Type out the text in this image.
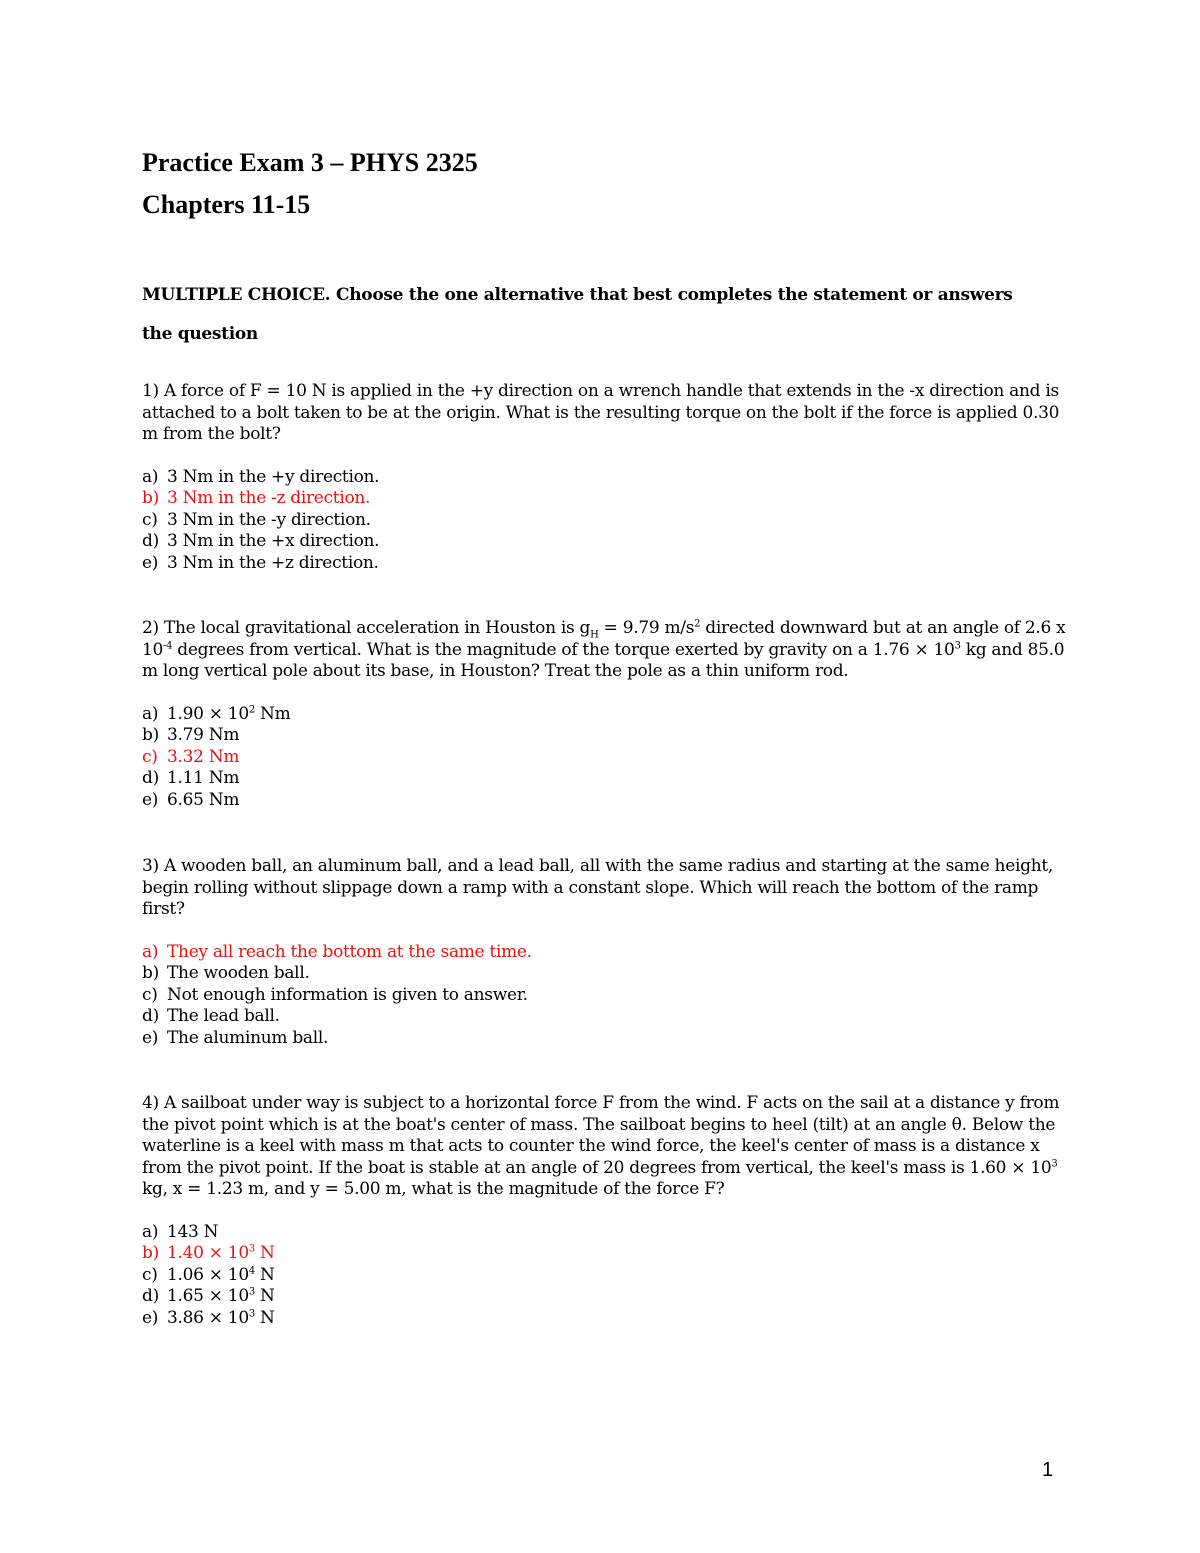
Practice Exam 3 – PHYS 2325
Chapters 11-15

MULTIPLE CHOICE. Choose the one alternative that best completes the statement or answers the question

1) A force of F = 10 N is applied in the +y direction on a wrench handle that extends in the -x direction and is attached to a bolt taken to be at the origin. What is the resulting torque on the bolt if the force is applied 0.30 m from the bolt?

a) 3 Nm in the +y direction.
b) 3 Nm in the -z direction.
c) 3 Nm in the -y direction.
d) 3 Nm in the +x direction.
e) 3 Nm in the +z direction.

2) The local gravitational acceleration in Houston is $g_H = 9.79$ $m/s^2$ directed downward but at an angle of 2.6 x $10^{-4}$ degrees from vertical. What is the magnitude of the torque exerted by gravity on a $1.76 \times 10^3$ kg and 85.0 m long vertical pole about its base, in Houston? Treat the pole as a thin uniform rod.

a) $1.90 \times 10^2$ Nm
b) 3.79 Nm
c) 3.32 Nm
d) 1.11 Nm
e) 6.65 Nm

3) A wooden ball, an aluminum ball, and a lead ball, all with the same radius and starting at the same height, begin rolling without slippage down a ramp with a constant slope. Which will reach the bottom of the ramp first?

a) They all reach the bottom at the same time.
b) The wooden ball.
c) Not enough information is given to answer.
d) The lead ball.
e) The aluminum ball.

4) A sailboat under way is subject to a horizontal force F from the wind. F acts on the sail at a distance y from the pivot point which is at the boat's center of mass. The sailboat begins to heel (tilt) at an angle θ. Below the waterline is a keel with mass m that acts to counter the wind force, the keel's center of mass is a distance x from the pivot point. If the boat is stable at an angle of 20 degrees from vertical, the keel's mass is $1.60 \times 10^3$ kg, x = 1.23 m, and y = 5.00 m, what is the magnitude of the force F?

a) 143 N
b) $1.40 \times 10^3$ N
c) $1.06 \times 10^4$ N
d) $1.65 \times 10^3$ N
e) $3.86 \times 10^3$ N
1
